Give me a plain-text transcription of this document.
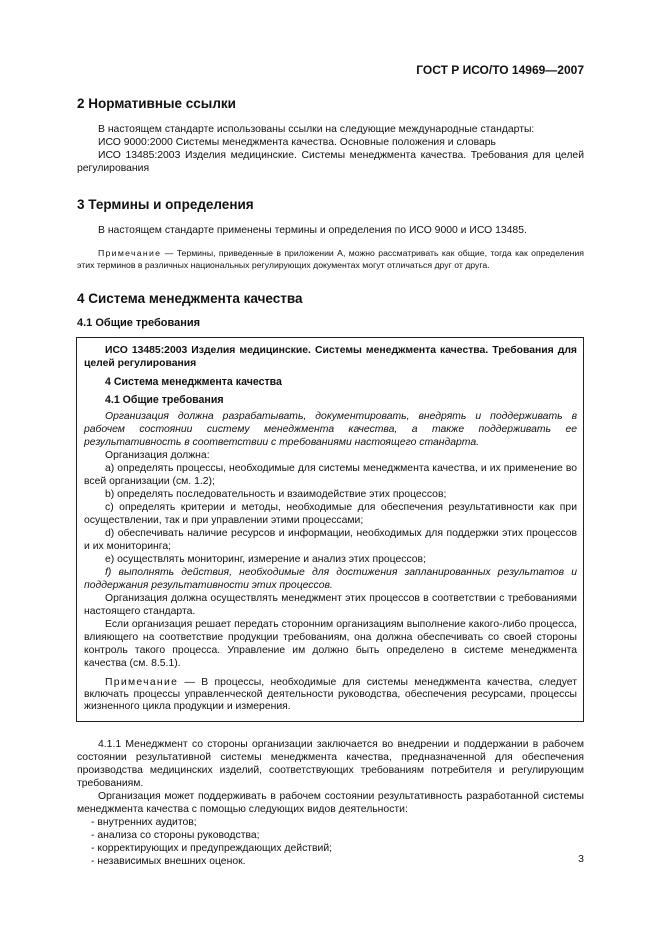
ГОСТ Р ИСО/ТО 14969—2007
2 Нормативные ссылки

В настоящем стандарте использованы ссылки на следующие международные стандарты:

ИСО 9000:2000 Системы менеджмента качества. Основные положения и словарь

ИСО 13485:2003 Изделия медицинские. Системы менеджмента качества. Требования для целей регулирования

3 Термины и определения

В настоящем стандарте применены термины и определения по ИСО 9000 и ИСО 13485.

Примечание — Термины, приведенные в приложении А, можно рассматривать как общие, тогда как определения этих терминов в различных национальных регулирующих документах могут отличаться друг от друга.

4 Система менеджмента качества
4.1 Общие требования

ИСО 13485:2003 Изделия медицинские. Системы менеджмента качества. Требования для целей регулирования

4 Система менеджмента качества
4.1 Общие требования

Организация должна разрабатывать, документировать, внедрять и поддерживать в рабочем состоянии систему менеджмента качества, а также поддерживать ее результативность в соответствии с требованиями настоящего стандарта.

Организация должна:

a) определять процессы, необходимые для системы менеджмента качества, и их применение во всей организации (см. 1.2);

b) определять последовательность и взаимодействие этих процессов;

c) определять критерии и методы, необходимые для обеспечения результативности как при осуществлении, так и при управлении этими процессами;

d) обеспечивать наличие ресурсов и информации, необходимых для поддержки этих процессов и их мониторинга;

e) осуществлять мониторинг, измерение и анализ этих процессов;

f) выполнять действия, необходимые для достижения запланированных результатов и поддержания результативности этих процессов.

Организация должна осуществлять менеджмент этих процессов в соответствии с требованиями настоящего стандарта.

Если организация решает передать сторонним организациям выполнение какого-либо процесса, влияющего на соответствие продукции требованиям, она должна обеспечивать со своей стороны контроль такого процесса. Управление им должно быть определено в системе менеджмента качества (см. 8.5.1).

Примечание — В процессы, необходимые для системы менеджмента качества, следует включать процессы управленческой деятельности руководства, обеспечения ресурсами, процессы жизненного цикла продукции и измерения.

4.1.1 Менеджмент со стороны организации заключается во внедрении и поддержании в рабочем состоянии результативной системы менеджмента качества, предназначенной для обеспечения производства медицинских изделий, соответствующих требованиям потребителя и регулирующим требованиям.

Организация может поддерживать в рабочем состоянии результативность разработанной системы менеджмента качества с помощью следующих видов деятельности:

- внутренних аудитов;
- анализа со стороны руководства;
- корректирующих и предупреждающих действий;
- независимых внешних оценок.	3
